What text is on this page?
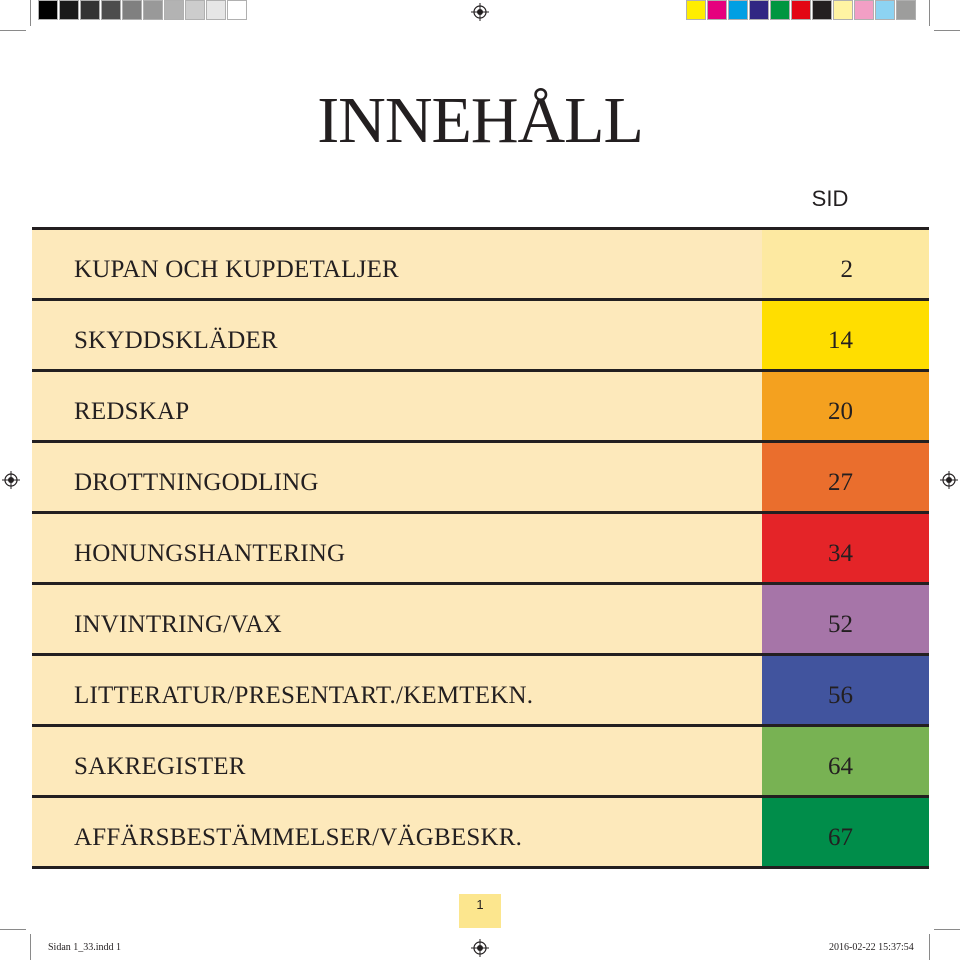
INNEHÅLL
SID
KUPAN OCH KUPDETALJER	2
SKYDDSKLÄDER	14
REDSKAP	20
DROTTNINGODLING	27
HONUNGSHANTERING	34
INVINTRING/VAX	52
LITTERATUR/PRESENTART./KEMTEKN.	56
SAKREGISTER	64
AFFÄRSBESTÄMMELSER/VÄGBESKR.	67
1
Sidan 1_33.indd 1	2016-02-22 15:37:54
